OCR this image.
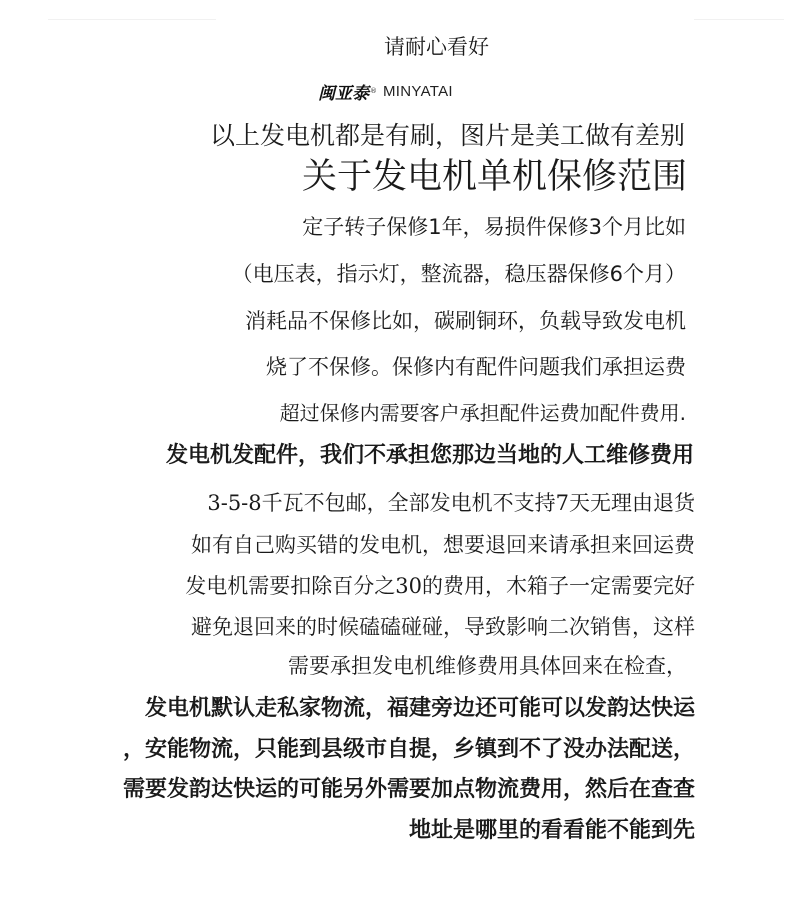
请耐心看好
闽亚泰 ® MINYATAI
以上发电机都是有刷，图片是美工做有差别
关于发电机单机保修范围
定子转子保修1年，易损件保修3个月比如
（电压表，指示灯，整流器，稳压器保修6个月）
消耗品不保修比如，碳刷铜环，负载导致发电机
烧了不保修。保修内有配件问题我们承担运费
超过保修内需要客户承担配件运费加配件费用.
发电机发配件，我们不承担您那边当地的人工维修费用
3-5-8千瓦不包邮，全部发电机不支持7天无理由退货
如有自己购买错的发电机，想要退回来请承担来回运费
发电机需要扣除百分之30的费用，木箱子一定需要完好
避免退回来的时候磕磕碰碰，导致影响二次销售，这样
需要承担发电机维修费用具体回来在检查，
发电机默认走私家物流，福建旁边还可能可以发韵达快运
，安能物流，只能到县级市自提，乡镇到不了没办法配送，
需要发韵达快运的可能另外需要加点物流费用，然后在查查
地址是哪里的看看能不能到先
